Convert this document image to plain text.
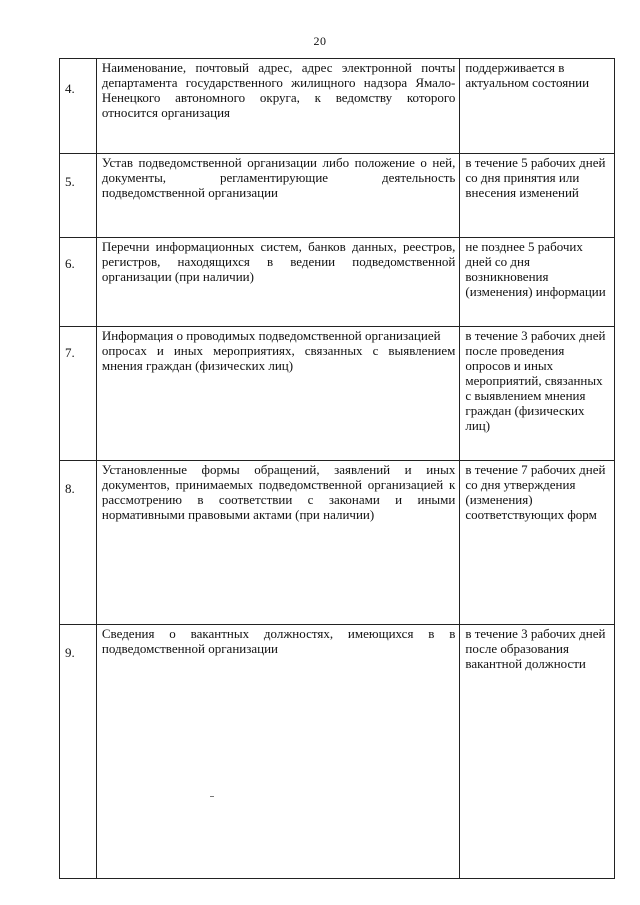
20
4.	Наименование, почтовый адрес, адрес электронной почты департамента государственного жилищного надзора Ямало-Ненецкого автономного округа, к ведомству которого относится организация	поддерживается в актуальном состоянии

5.	Устав подведомственной организации либо положение о ней, документы, регламентирующие деятельность подведомственной организации	в течение 5 рабочих дней со дня принятия или внесения изменений

6.	Перечни информационных систем, банков данных, реестров, регистров, находящихся в ведении подведомственной организации (при наличии)	не позднее 5 рабочих дней со дня возникновения (изменения) информации

7.	Информация о проводимых подведомственной организацией
опросах и иных мероприятиях, связанных с выявлением мнения граждан (физических лиц)	в течение 3 рабочих дней после проведения опросов и иных мероприятий, связанных с выявлением мнения граждан (физических лиц)

8.	Установленные формы обращений, заявлений и иных документов, принимаемых подведомственной организацией к рассмотрению в соответствии с законами и иными нормативными правовыми актами (при наличии)	в течение 7 рабочих дней со дня утверждения (изменения) соответствующих форм

9.	Сведения о вакантных должностях, имеющихся в в подведомственной организации	в течение 3 рабочих дней после образования вакантной должности
